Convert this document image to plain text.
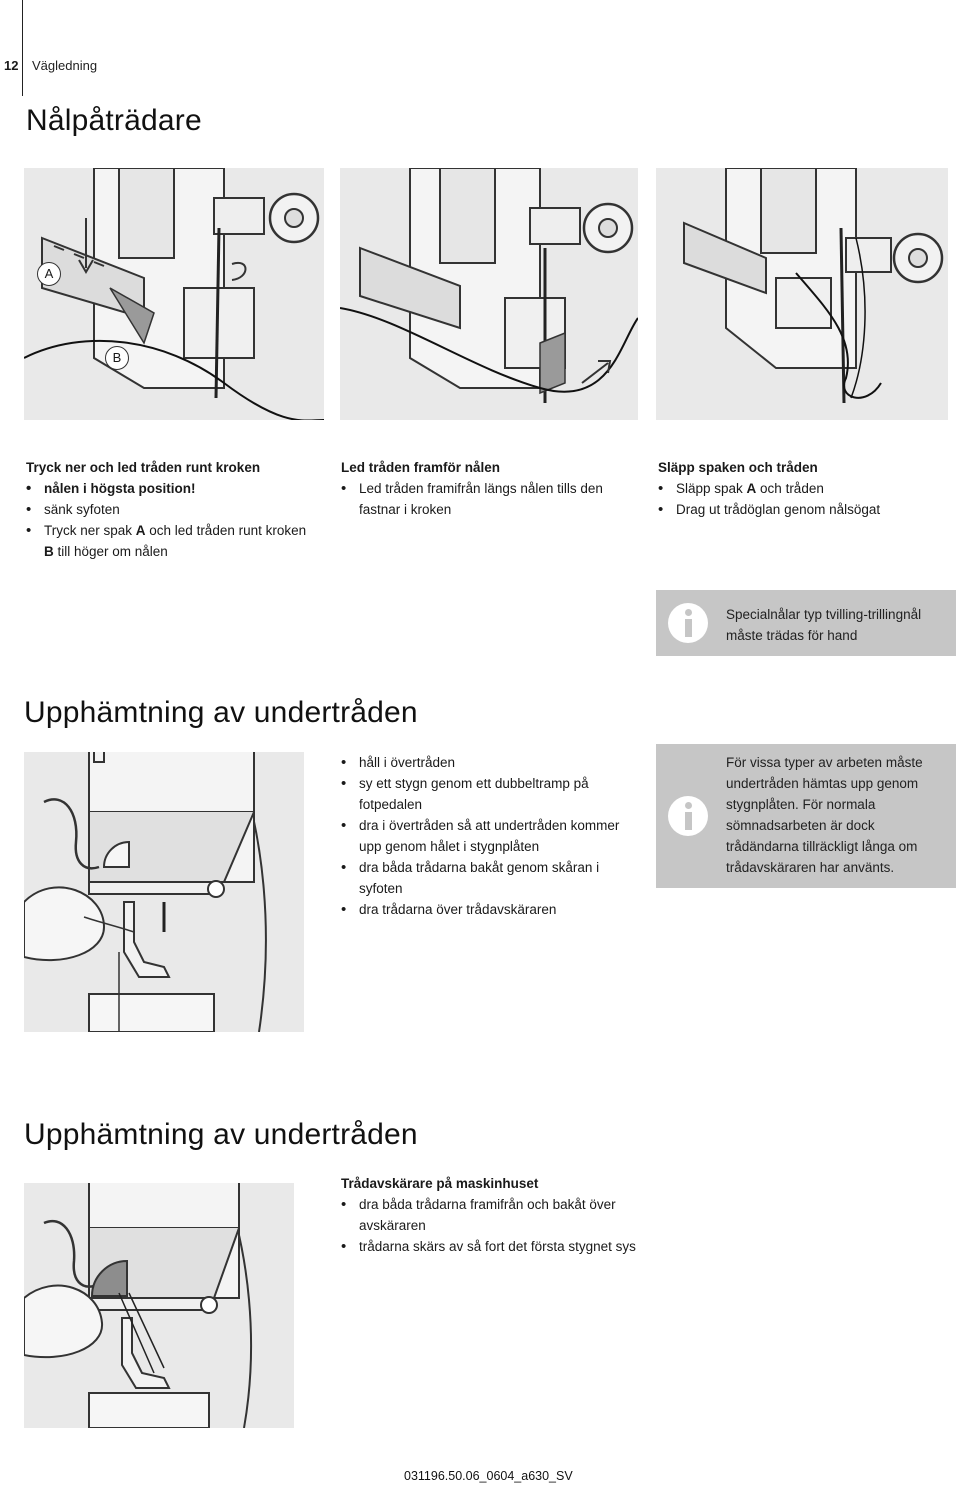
12 Vägledning
Nålpåträdare
A
B
Tryck ner och led tråden runt kroken
• nålen i högsta position!
• sänk syfoten
• Tryck ner spak A och led tråden runt kroken B till höger om nålen
Led tråden framför nålen
• Led tråden framifrån längs nålen tills den fastnar i kroken
Släpp spaken och tråden
• Släpp spak A och tråden
• Drag ut trådöglan genom nålsögat
Specialnålar typ tvilling-trillingnål måste trädas för hand
Upphämtning av undertråden
• håll i övertråden
• sy ett stygn genom ett dubbeltramp på fotpedalen
• dra i övertråden så att undertråden kommer upp genom hålet i stygnplåten
• dra båda trådarna bakåt genom skåran i syfoten
• dra trådarna över trådavskäraren
För vissa typer av arbeten måste undertråden hämtas upp genom stygnplåten. För normala sömnadsarbeten är dock trådändarna tillräckligt långa om trådavskäraren har använts.
Upphämtning av undertråden
Trådavskärare på maskinhuset
• dra båda trådarna framifrån och bakåt över avskäraren
• trådarna skärs av så fort det första stygnet sys
031196.50.06_0604_a630_SV
